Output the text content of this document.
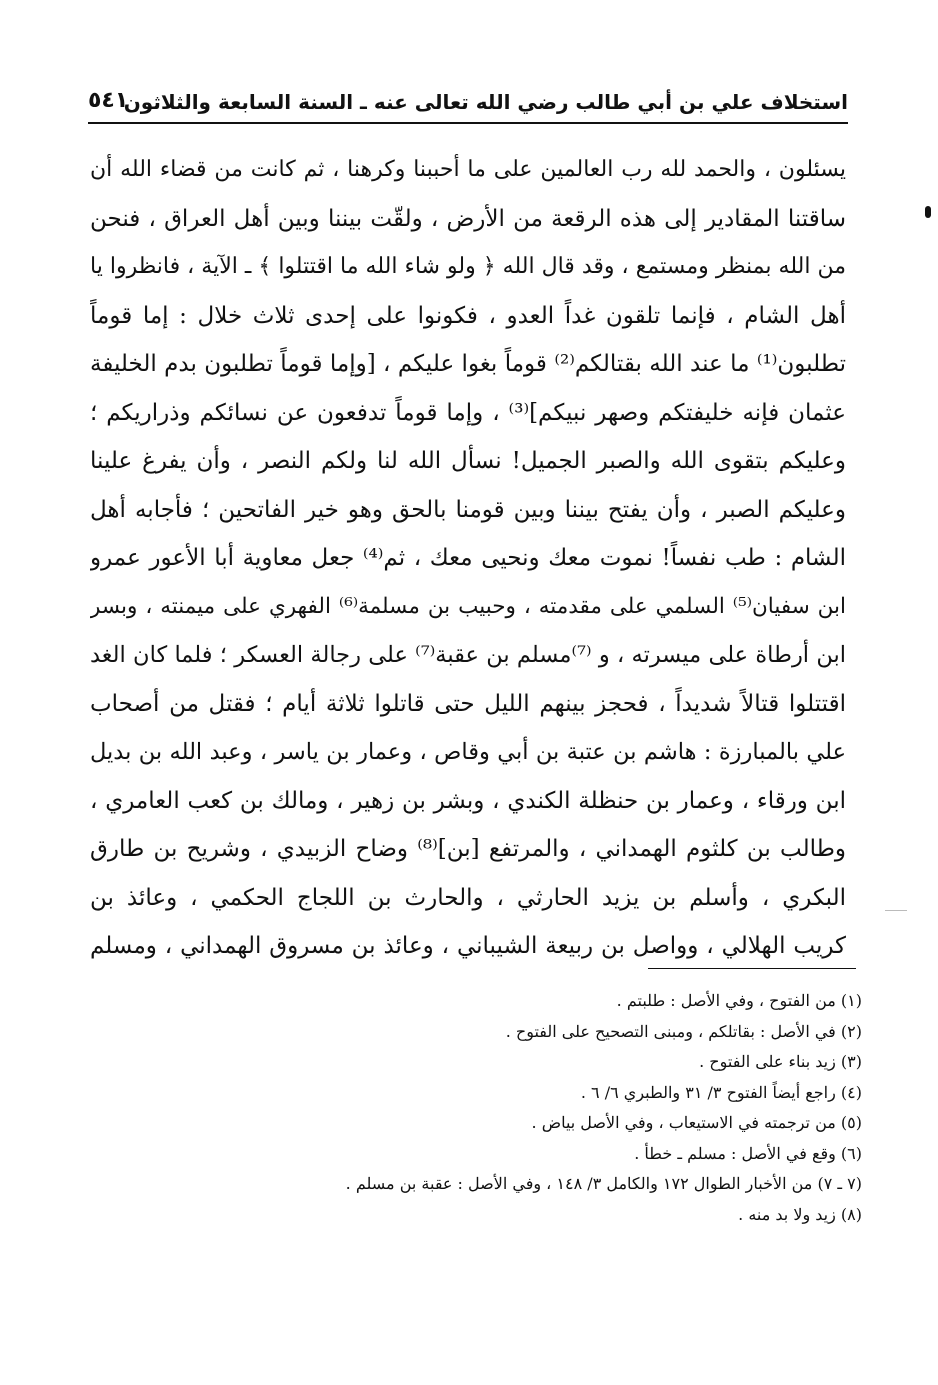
استخلاف علي بن أبي طالب رضي الله تعالى عنه ـ السنة السابعة والثلاثون
٥٤١
يسئلون ، والحمد لله رب العالمين على ما أحببنا وكرهنا ، ثم كانت من قضاء الله أن
ساقتنا المقادير إلى هذه الرقعة من الأرض ، ولقّت بيننا وبين أهل العراق ، فنحن
من الله بمنظر ومستمع ، وقد قال الله ﴿ ولو شاء الله ما اقتتلوا ﴾ ـ الآية ، فانظروا يا
أهل الشام ، فإنما تلقون غداً العدو ، فكونوا على إحدى ثلاث خلال : إما قوماً
تطلبون⁽¹⁾ ما عند الله بقتالكم⁽²⁾ قوماً بغوا عليكم ، [وإما قوماً تطلبون بدم الخليفة
عثمان فإنه خليفتكم وصهر نبيكم]⁽³⁾ ، وإما قوماً تدفعون عن نسائكم وذراريكم ؛
وعليكم بتقوى الله والصبر الجميل! نسأل الله لنا ولكم النصر ، وأن يفرغ علينا
وعليكم الصبر ، وأن يفتح بيننا وبين قومنا بالحق وهو خير الفاتحين ؛ فأجابه أهل
الشام : طب نفساً! نموت معك ونحيى معك ، ثم⁽⁴⁾ جعل معاوية أبا الأعور عمرو
ابن سفيان⁽⁵⁾ السلمي على مقدمته ، وحبيب بن مسلمة⁽⁶⁾ الفهري على ميمنته ، وبسر
ابن أرطاة على ميسرته ، و ⁽⁷⁾مسلم بن عقبة⁽⁷⁾ على رجالة العسكر ؛ فلما كان الغد
اقتتلوا قتالاً شديداً ، فحجز بينهم الليل حتى قاتلوا ثلاثة أيام ؛ فقتل من أصحاب
علي بالمبارزة : هاشم بن عتبة بن أبي وقاص ، وعمار بن ياسر ، وعبد الله بن بديل
ابن ورقاء ، وعمار بن حنظلة الكندي ، وبشر بن زهير ، ومالك بن كعب العامري ،
وطالب بن كلثوم الهمداني ، والمرتفع [بن]⁽⁸⁾ وضاح الزبيدي ، وشريح بن طارق
البكري ، وأسلم بن يزيد الحارثي ، والحارث بن اللجاج الحكمي ، وعائذ بن
كريب الهلالي ، وواصل بن ربيعة الشيباني ، وعائذ بن مسروق الهمداني ، ومسلم
(١) من الفتوح ، وفي الأصل : طلبتم .
(٢) في الأصل : بقاتلكم ، ومبنى التصحيح على الفتوح .
(٣) زيد بناء على الفتوح .
(٤) راجع أيضاً الفتوح ٣/ ٣١ والطبري ٦/ ٦ .
(٥) من ترجمته في الاستيعاب ، وفي الأصل بياض .
(٦) وقع في الأصل : مسلم ـ خطأ .
(٧ ـ ٧) من الأخبار الطوال ١٧٢ والكامل ٣/ ١٤٨ ، وفي الأصل : عقبة بن مسلم .
(٨) زيد ولا بد منه .
